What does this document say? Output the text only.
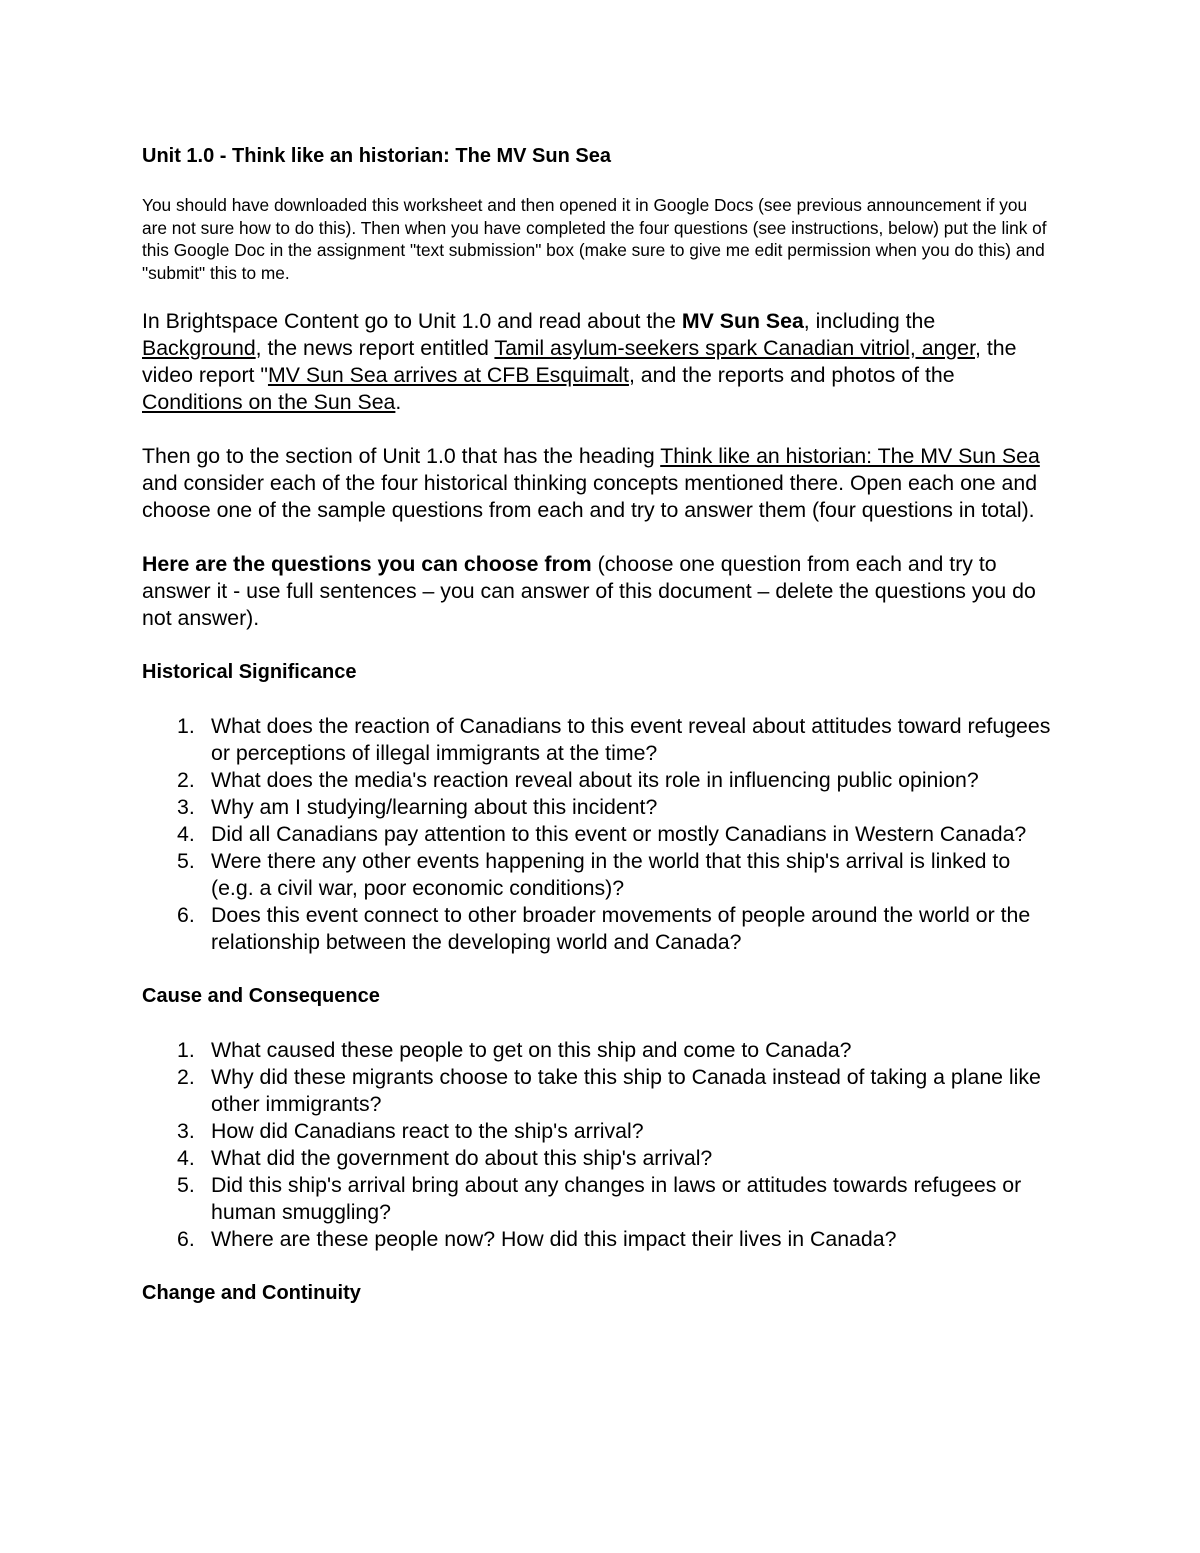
Unit 1.0 - Think like an historian: The MV Sun Sea

You should have downloaded this worksheet and then opened it in Google Docs (see previous announcement if you are not sure how to do this). Then when you have completed the four questions (see instructions, below) put the link of this Google Doc in the assignment "text submission" box (make sure to give me edit permission when you do this) and "submit" this to me.

In Brightspace Content go to Unit 1.0 and read about the MV Sun Sea, including the Background, the news report entitled Tamil asylum-seekers spark Canadian vitriol, anger, the video report "MV Sun Sea arrives at CFB Esquimalt, and the reports and photos of the Conditions on the Sun Sea.

Then go to the section of Unit 1.0 that has the heading Think like an historian: The MV Sun Sea and consider each of the four historical thinking concepts mentioned there. Open each one and choose one of the sample questions from each and try to answer them (four questions in total).

Here are the questions you can choose from (choose one question from each and try to answer it - use full sentences – you can answer of this document – delete the questions you do not answer).

Historical Significance
1. What does the reaction of Canadians to this event reveal about attitudes toward refugees or perceptions of illegal immigrants at the time?
2. What does the media's reaction reveal about its role in influencing public opinion?
3. Why am I studying/learning about this incident?
4. Did all Canadians pay attention to this event or mostly Canadians in Western Canada?
5. Were there any other events happening in the world that this ship's arrival is linked to (e.g. a civil war, poor economic conditions)?
6. Does this event connect to other broader movements of people around the world or the relationship between the developing world and Canada?
Cause and Consequence
1. What caused these people to get on this ship and come to Canada?
2. Why did these migrants choose to take this ship to Canada instead of taking a plane like other immigrants?
3. How did Canadians react to the ship's arrival?
4. What did the government do about this ship's arrival?
5. Did this ship's arrival bring about any changes in laws or attitudes towards refugees or human smuggling?
6. Where are these people now? How did this impact their lives in Canada?
Change and Continuity
